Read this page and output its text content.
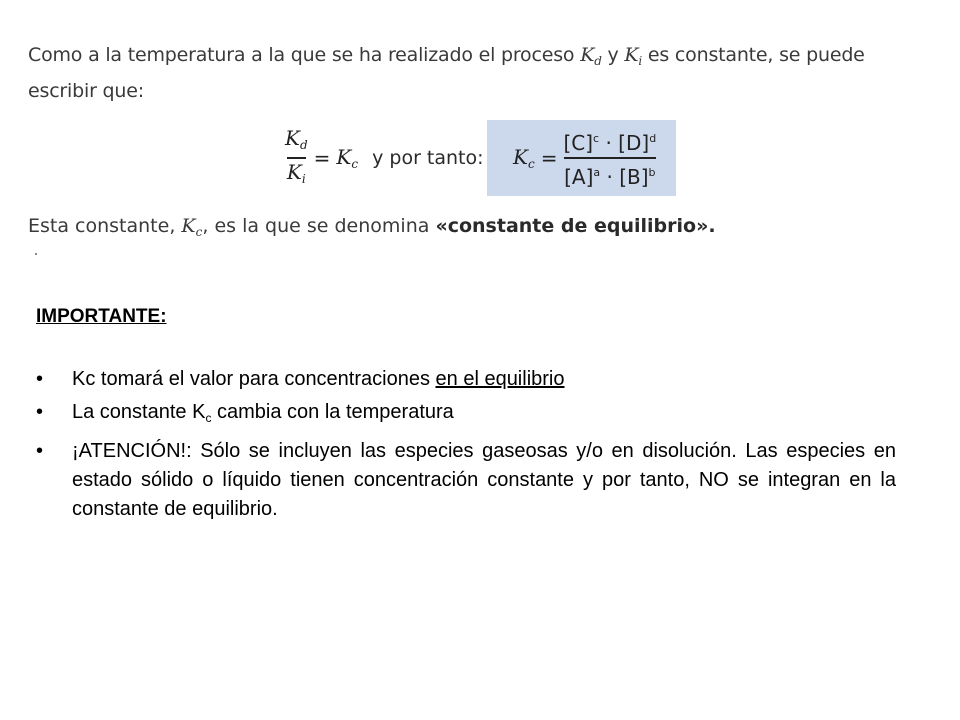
Como a la temperatura a la que se ha realizado el proceso $K_d$ y $K_i$ es constante, se puede escribir que:
$\frac{K_d}{K_i} = K_c$ y por tanto: $K_c = \frac{[C]^c \cdot [D]^d}{[A]^a \cdot [B]^b}$
Esta constante, $K_c$, es la que se denomina «constante de equilibrio».
IMPORTANTE:
• Kc tomará el valor para concentraciones en el equilibrio
• La constante $K_c$ cambia con la temperatura
• ¡ATENCIÓN!: Sólo se incluyen las especies gaseosas y/o en disolución. Las especies en estado sólido o líquido tienen concentración constante y por tanto, NO se integran en la constante de equilibrio.
